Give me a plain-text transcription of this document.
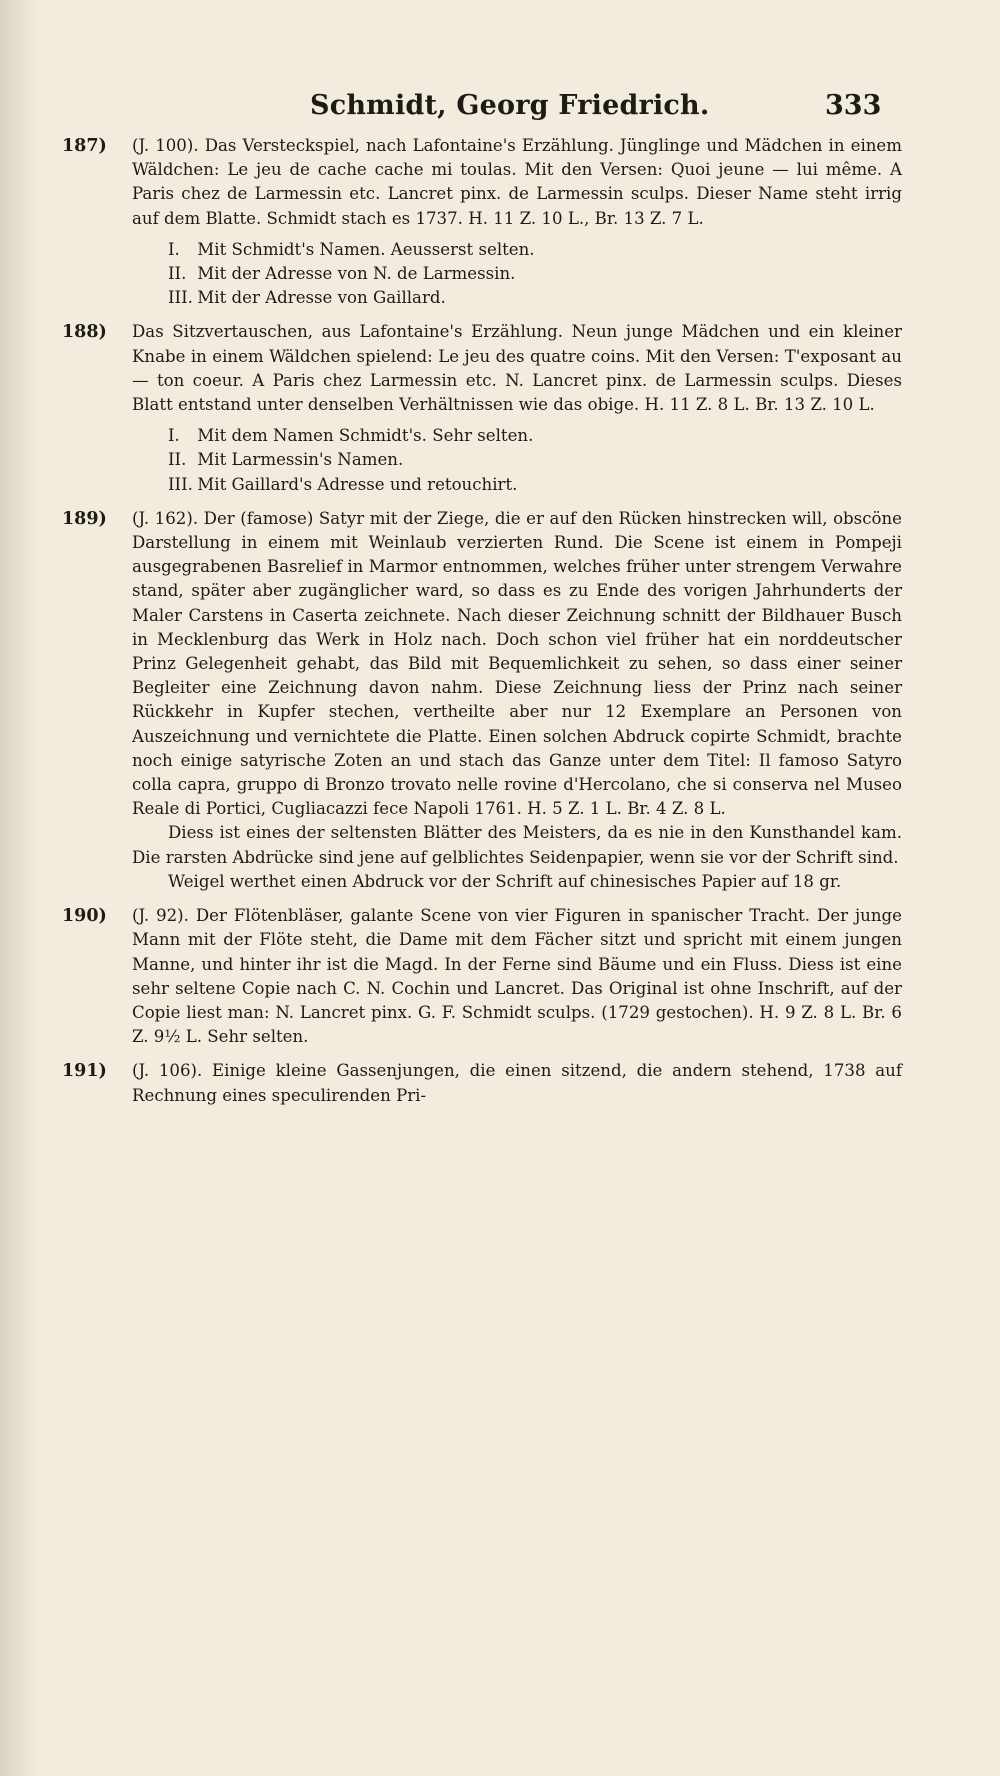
Schmidt, Georg Friedrich.	333
187) (J. 100). Das Versteckspiel, nach Lafontaine's Erzählung. Jünglinge und Mädchen in einem Wäldchen: Le jeu de cache cache mi toulas. Mit den Versen: Quoi jeune — lui même. A Paris chez de Larmessin etc. Lancret pinx. de Larmessin sculps. Dieser Name steht irrig auf dem Blatte. Schmidt stach es 1737. H. 11 Z. 10 L., Br. 13 Z. 7 L.

I. Mit Schmidt's Namen. Aeusserst selten.
II. Mit der Adresse von N. de Larmessin.
III. Mit der Adresse von Gaillard.
188) Das Sitzvertauschen, aus Lafontaine's Erzählung. Neun junge Mädchen und ein kleiner Knabe in einem Wäldchen spielend: Le jeu des quatre coins. Mit den Versen: T'exposant au — ton coeur. A Paris chez Larmessin etc. N. Lancret pinx. de Larmessin sculps. Dieses Blatt entstand unter denselben Verhältnissen wie das obige. H. 11 Z. 8 L. Br. 13 Z. 10 L.

I. Mit dem Namen Schmidt's. Sehr selten.
II. Mit Larmessin's Namen.
III. Mit Gaillard's Adresse und retouchirt.
189) (J. 162). Der (famose) Satyr mit der Ziege, die er auf den Rücken hinstrecken will, obscöne Darstellung in einem mit Weinlaub verzierten Rund. Die Scene ist einem in Pompeji ausgegrabenen Basrelief in Marmor entnommen, welches früher unter strengem Verwahre stand, später aber zugänglicher ward, so dass es zu Ende des vorigen Jahrhunderts der Maler Carstens in Caserta zeichnete. Nach dieser Zeichnung schnitt der Bildhauer Busch in Mecklenburg das Werk in Holz nach. Doch schon viel früher hat ein norddeutscher Prinz Gelegenheit gehabt, das Bild mit Bequemlichkeit zu sehen, so dass einer seiner Begleiter eine Zeichnung davon nahm. Diese Zeichnung liess der Prinz nach seiner Rückkehr in Kupfer stechen, vertheilte aber nur 12 Exemplare an Personen von Auszeichnung und vernichtete die Platte. Einen solchen Abdruck copirte Schmidt, brachte noch einige satyrische Zoten an und stach das Ganze unter dem Titel: Il famoso Satyro colla capra, gruppo di Bronzo trovato nelle rovine d'Hercolano, che si conserva nel Museo Reale di Portici, Cugliacazzi fece Napoli 1761. H. 5 Z. 1 L. Br. 4 Z. 8 L.

Diess ist eines der seltensten Blätter des Meisters, da es nie in den Kunsthandel kam. Die rarsten Abdrücke sind jene auf gelblichtes Seidenpapier, wenn sie vor der Schrift sind.

Weigel werthet einen Abdruck vor der Schrift auf chinesisches Papier auf 18 gr.

190) (J. 92). Der Flötenbläser, galante Scene von vier Figuren in spanischer Tracht. Der junge Mann mit der Flöte steht, die Dame mit dem Fächer sitzt und spricht mit einem jungen Manne, und hinter ihr ist die Magd. In der Ferne sind Bäume und ein Fluss. Diess ist eine sehr seltene Copie nach C. N. Cochin und Lancret. Das Original ist ohne Inschrift, auf der Copie liest man: N. Lancret pinx. G. F. Schmidt sculps. (1729 gestochen). H. 9 Z. 8 L. Br. 6 Z. 9½ L. Sehr selten.

191) (J. 106). Einige kleine Gassenjungen, die einen sitzend, die andern stehend, 1738 auf Rechnung eines speculirenden Pri-
